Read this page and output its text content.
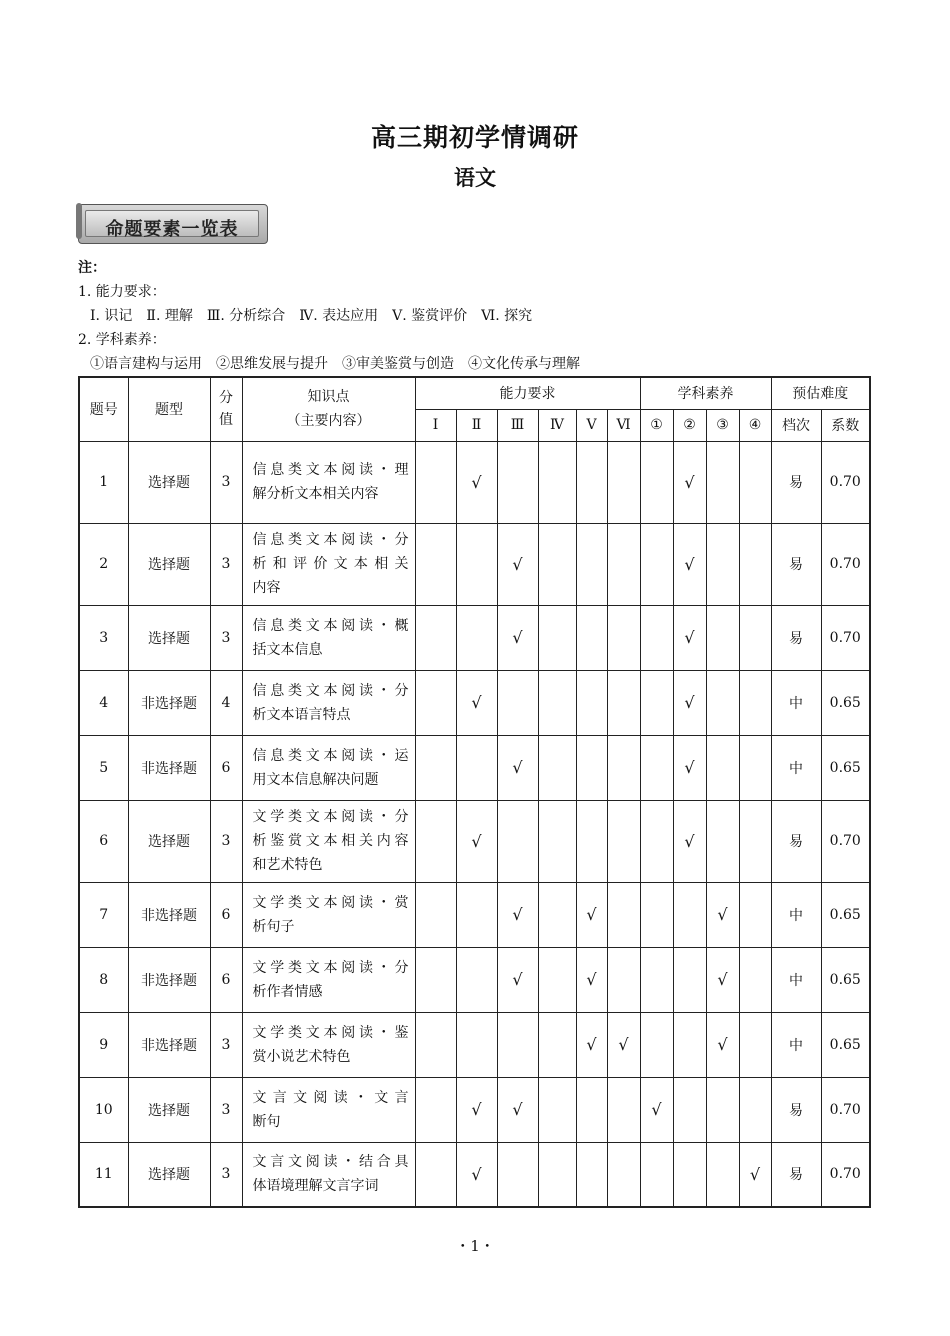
高三期初学情调研
语文
命题要素一览表
注：
1. 能力要求：
Ⅰ. 识记　Ⅱ. 理解　Ⅲ. 分析综合　Ⅳ. 表达应用　Ⅴ. 鉴赏评价　Ⅵ. 探究
2. 学科素养：
①语言建构与运用　②思维发展与提升　③审美鉴赏与创造　④文化传承与理解
题号	题型	分值	知识点
（主要内容）	能力要求						学科素养				预估难度	
				Ⅰ	Ⅱ	Ⅲ	Ⅳ	Ⅴ	Ⅵ	①	②	③	④	档次	系数
1	选择题	3	信息类文本阅读・理
解分析文本相关内容		√						√			易	0.70
2	选择题	3	信息类文本阅读・分
析和评价文本相关
内容			√					√			易	0.70
3	选择题	3	信息类文本阅读・概
括文本信息			√					√			易	0.70
4	非选择题	4	信息类文本阅读・分
析文本语言特点		√						√			中	0.65
5	非选择题	6	信息类文本阅读・运
用文本信息解决问题			√					√			中	0.65
6	选择题	3	文学类文本阅读・分
析鉴赏文本相关内容
和艺术特色		√						√			易	0.70
7	非选择题	6	文学类文本阅读・赏
析句子			√		√				√		中	0.65
8	非选择题	6	文学类文本阅读・分
析作者情感			√		√				√		中	0.65
9	非选择题	3	文学类文本阅读・鉴
赏小说艺术特色					√	√			√		中	0.65
10	选择题	3	文言文阅读・文言
断句		√	√				√				易	0.70
11	选择题	3	文言文阅读・结合具
体语境理解文言字词		√								√	易	0.70
・1・
